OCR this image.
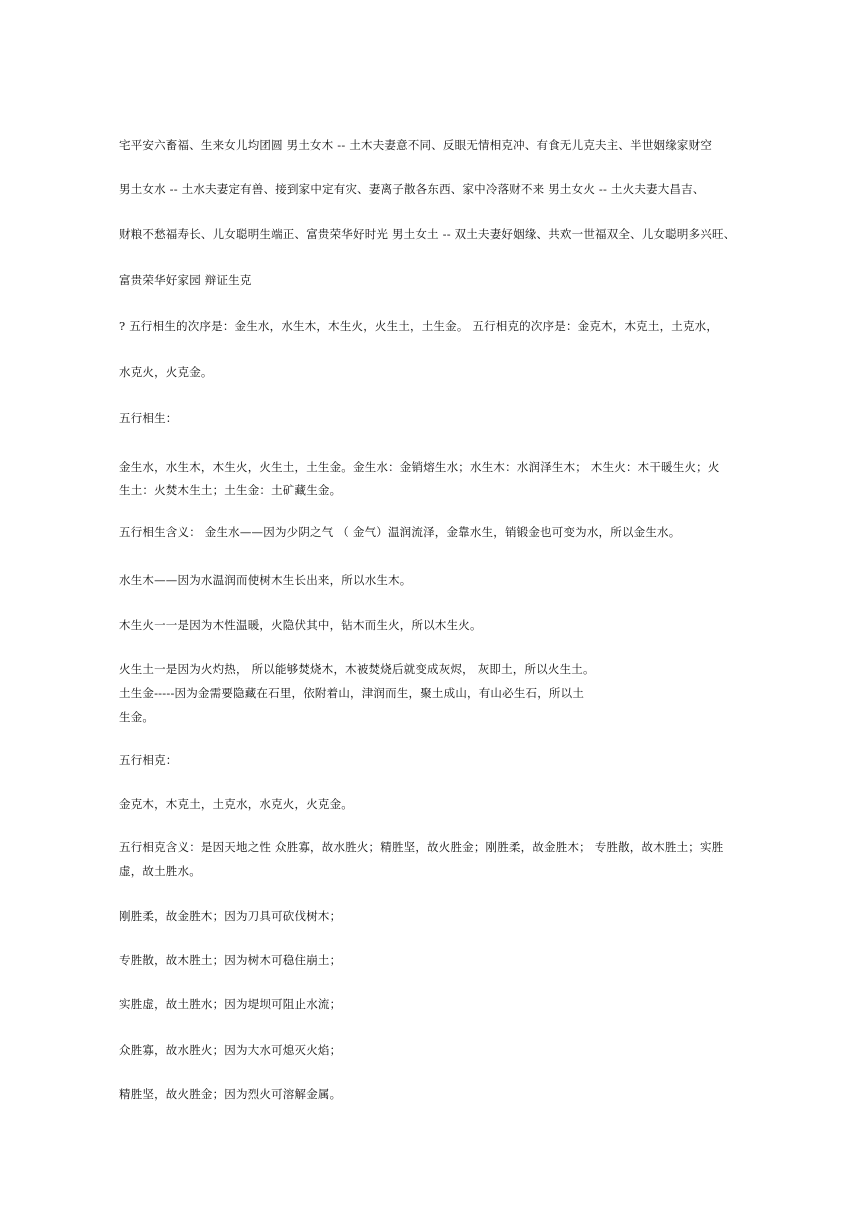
宅平安六畜福、生来女儿均团圆 男土女木 -- 土木夫妻意不同、反眼无情相克冲、有食无儿克夫主、半世姻缘家财空
男土女水 -- 土水夫妻定有兽、接到家中定有灾、妻离子散各东西、家中冷落财不来 男土女火 -- 土火夫妻大昌吉、
财粮不愁福寿长、儿女聪明生端正、富贵荣华好时光 男土女土 -- 双土夫妻好姻缘、共欢一世福双全、儿女聪明多兴旺、
富贵荣华好家园 辩证生克
? 五行相生的次序是：金生水，水生木，木生火，火生土，土生金。 五行相克的次序是：金克木，木克土，土克水，
水克火，火克金。
五行相生：
金生水，水生木，木生火，火生土，土生金。金生水：金销熔生水；水生木：水润泽生木； 木生火：木干暖生火；火
生土：火焚木生土；土生金：土矿藏生金。
五行相生含义： 金生水——因为少阴之气 （ 金气）温润流泽，金靠水生，销锻金也可变为水，所以金生水。
水生木——因为水温润而使树木生长出来，所以水生木。
木生火一一是因为木性温暖，火隐伏其中，钻木而生火，所以木生火。
火生土一是因为火灼热， 所以能够焚烧木，木被焚烧后就变成灰烬， 灰即土，所以火生土。
土生金-----因为金需要隐藏在石里，依附着山，津润而生，聚土成山，有山必生石，所以土
生金。
五行相克：
金克木，木克土，土克水，水克火，火克金。
五行相克含义：是因天地之性 众胜寡，故水胜火；精胜坚，故火胜金；刚胜柔，故金胜木； 专胜散，故木胜土；实胜
虚，故土胜水。
刚胜柔，故金胜木；因为刀具可砍伐树木；
专胜散，故木胜土；因为树木可稳住崩土；
实胜虚，故土胜水；因为堤坝可阻止水流；
众胜寡，故水胜火；因为大水可熄灭火焰；
精胜坚，故火胜金；因为烈火可溶解金属。
